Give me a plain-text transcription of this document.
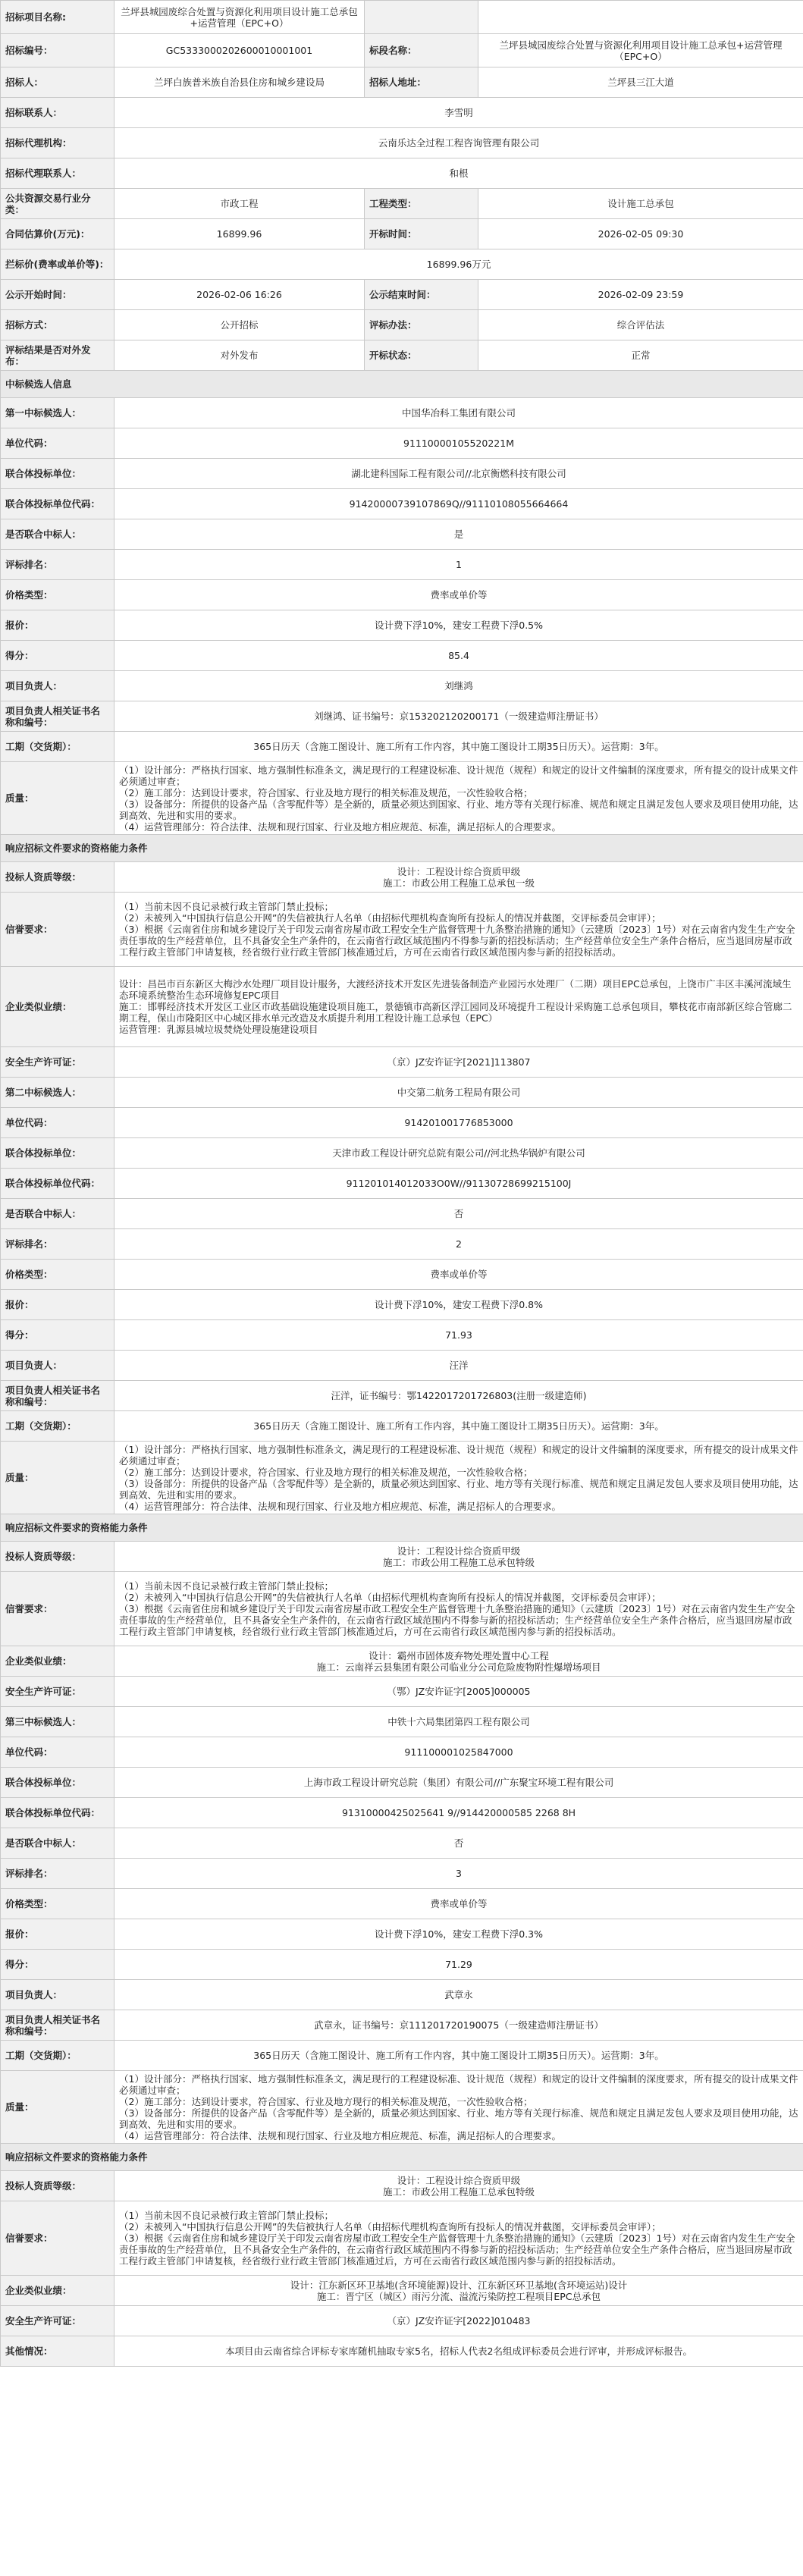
招标项目名称:	兰坪县城园废综合处置与资源化利用项目设计施工总承包+运营管理（EPC+O）		
招标编号：	GC5333000202600010001001	标段名称：	兰坪县城园废综合处置与资源化利用项目设计施工总承包+运营管理（EPC+O）
招标人：	兰坪白族普米族自治县住房和城乡建设局	招标人地址：	兰坪县三江大道
招标联系人：	李雪明		
招标代理机构：	云南乐达全过程工程咨询管理有限公司		
招标代理联系人：	和根		
公共资源交易行业分类：	市政工程	工程类型：	设计施工总承包
合同估算价(万元)：	16899.96	开标时间：	2026-02-05 09:30
拦标价(费率或单价等)：	16899.96万元		
公示开始时间：	2026-02-06 16:26	公示结束时间：	2026-02-09 23:59
招标方式：	公开招标	评标办法：	综合评估法
评标结果是否对外发布：	对外发布	开标状态：	正常
中标候选人信息			
第一中标候选人：	中国华冶科工集团有限公司		
单位代码：	91110000105520221M		
联合体投标单位：	湖北建科国际工程有限公司//北京衡燃科技有限公司		
联合体投标单位代码：	91420000739107869Q//91110108055664664		
是否联合中标人：	是		
评标排名：	1		
价格类型：	费率或单价等		
报价：	设计费下浮10%，建安工程费下浮0.5%		
得分：	85.4		
项目负责人：	刘继鸿		
项目负责人相关证书名称和编号：	刘继鸿、证书编号：京153202120200171（一级建造师注册证书）		
工期（交货期）：	365日历天（含施工图设计、施工所有工作内容，其中施工图设计工期35日历天）。运营期：3年。		
质量：	（1）设计部分：严格执行国家、地方强制性标准条文，满足现行的工程建设标准、设计规范（规程）和规定的设计文件编制的深度要求，所有提交的设计成果文件必须通过审查；
（2）施工部分：达到设计要求，符合国家、行业及地方现行的相关标准及规范，一次性验收合格；
（3）设备部分：所提供的设备产品（含零配件等）是全新的，质量必须达到国家、行业、地方等有关现行标准、规范和规定且满足发包人要求及项目使用功能，达到高效、先进和实用的要求。
（4）运营管理部分：符合法律、法规和现行国家、行业及地方相应规范、标准，满足招标人的合理要求。		
响应招标文件要求的资格能力条件			
投标人资质等级：	设计：工程设计综合资质甲级
施工：市政公用工程施工总承包一级		
信誉要求：	（1）当前未因不良记录被行政主管部门禁止投标；
（2）未被列入“中国执行信息公开网”的失信被执行人名单（由招标代理机构查询所有投标人的情况并截图，交评标委员会审评）；
（3）根据《云南省住房和城乡建设厅关于印发云南省房屋市政工程安全生产监督管理十九条整治措施的通知》（云建质〔2023〕1号）对在云南省内发生生产安全责任事故的生产经营单位，且不具备安全生产条件的，在云南省行政区域范围内不得参与新的招投标活动；生产经营单位安全生产条件合格后，应当退回房屋市政工程行政主管部门申请复核，经省级行业行政主管部门核准通过后，方可在云南省行政区域范围内参与新的招投标活动。		
企业类似业绩：	设计：昌邑市百东新区大梅沙水处理厂项目设计服务，大渡经济技术开发区先进装备制造产业园污水处理厂（二期）项目EPC总承包，上饶市广丰区丰溪河流域生态环境系统整治生态环境修复EPC项目
施工：邯郸经济技术开发区工业区市政基础设施建设项目施工，景德镇市高新区浮江园同及环境提升工程设计采购施工总承包项目，攀枝花市南部新区综合管廊二期工程，保山市隆阳区中心城区排水单元改造及水质提升利用工程设计施工总承包（EPC）
运营管理：乳源县城垃圾焚烧处理设施建设项目		
安全生产许可证：	（京）JZ安许证字[2021]113807		
第二中标候选人：	中交第二航务工程局有限公司		
单位代码：	914201001776853000		
联合体投标单位：	天津市政工程设计研究总院有限公司//河北热华锅炉有限公司		
联合体投标单位代码：	911201014012033O0W//91130728699215100J		
是否联合中标人：	否		
评标排名：	2		
价格类型：	费率或单价等		
报价：	设计费下浮10%，建安工程费下浮0.8%		
得分：	71.93		
项目负责人：	汪洋		
项目负责人相关证书名称和编号：	汪洋，证书编号：鄂1422017201726803(注册一级建造师)		
工期（交货期）：	365日历天（含施工图设计、施工所有工作内容，其中施工图设计工期35日历天）。运营期：3年。		
质量：	（1）设计部分：严格执行国家、地方强制性标准条文，满足现行的工程建设标准、设计规范（规程）和规定的设计文件编制的深度要求，所有提交的设计成果文件必须通过审查；
（2）施工部分：达到设计要求，符合国家、行业及地方现行的相关标准及规范，一次性验收合格；
（3）设备部分：所提供的设备产品（含零配件等）是全新的，质量必须达到国家、行业、地方等有关现行标准、规范和规定且满足发包人要求及项目使用功能，达到高效、先进和实用的要求。
（4）运营管理部分：符合法律、法规和现行国家、行业及地方相应规范、标准，满足招标人的合理要求。		
响应招标文件要求的资格能力条件			
投标人资质等级：	设计：工程设计综合资质甲级
施工：市政公用工程施工总承包特级		
信誉要求：	（1）当前未因不良记录被行政主管部门禁止投标；
（2）未被列入“中国执行信息公开网”的失信被执行人名单（由招标代理机构查询所有投标人的情况并截图，交评标委员会审评）；
（3）根据《云南省住房和城乡建设厅关于印发云南省房屋市政工程安全生产监督管理十九条整治措施的通知》（云建质〔2023〕1号）对在云南省内发生生产安全责任事故的生产经营单位，且不具备安全生产条件的，在云南省行政区域范围内不得参与新的招投标活动；生产经营单位安全生产条件合格后，应当退回房屋市政工程行政主管部门申请复核，经省级行业行政主管部门核准通过后，方可在云南省行政区域范围内参与新的招投标活动。		
企业类似业绩：	设计：霸州市固体废弃物处理处置中心工程
施工：云南祥云县集团有限公司临业分公司危险废物附性爆增场项目		
安全生产许可证：	（鄂）JZ安许证字[2005]000005		
第三中标候选人：	中铁十六局集团第四工程有限公司		
单位代码：	911100001025847000		
联合体投标单位：	上海市政工程设计研究总院（集团）有限公司//广东聚宝环境工程有限公司		
联合体投标单位代码：	91310000425025641 9//914420000585 2268 8H		
是否联合中标人：	否		
评标排名：	3		
价格类型：	费率或单价等		
报价：	设计费下浮10%，建安工程费下浮0.3%		
得分：	71.29		
项目负责人：	武章永		
项目负责人相关证书名称和编号：	武章永，证书编号：京111201720190075（一级建造师注册证书）		
工期（交货期）：	365日历天（含施工图设计、施工所有工作内容，其中施工图设计工期35日历天）。运营期：3年。		
质量：	（1）设计部分：严格执行国家、地方强制性标准条文，满足现行的工程建设标准、设计规范（规程）和规定的设计文件编制的深度要求，所有提交的设计成果文件必须通过审查；
（2）施工部分：达到设计要求，符合国家、行业及地方现行的相关标准及规范，一次性验收合格；
（3）设备部分：所提供的设备产品（含零配件等）是全新的，质量必须达到国家、行业、地方等有关现行标准、规范和规定且满足发包人要求及项目使用功能，达到高效、先进和实用的要求。
（4）运营管理部分：符合法律、法规和现行国家、行业及地方相应规范、标准，满足招标人的合理要求。		
响应招标文件要求的资格能力条件			
投标人资质等级：	设计：工程设计综合资质甲级
施工：市政公用工程施工总承包特级		
信誉要求：	（1）当前未因不良记录被行政主管部门禁止投标；
（2）未被列入“中国执行信息公开网”的失信被执行人名单（由招标代理机构查询所有投标人的情况并截图，交评标委员会审评）；
（3）根据《云南省住房和城乡建设厅关于印发云南省房屋市政工程安全生产监督管理十九条整治措施的通知》（云建质〔2023〕1号）对在云南省内发生生产安全责任事故的生产经营单位，且不具备安全生产条件的，在云南省行政区域范围内不得参与新的招投标活动；生产经营单位安全生产条件合格后，应当退回房屋市政工程行政主管部门申请复核，经省级行业行政主管部门核准通过后，方可在云南省行政区域范围内参与新的招投标活动。		
企业类似业绩：	设计：江东新区环卫基地(含环境能源)设计、江东新区环卫基地(含环境运站)设计
施工：晋宁区（城区）雨污分流、溢流污染防控工程项目EPC总承包		
安全生产许可证：	（京）JZ安许证字[2022]010483		
其他情况：	本项目由云南省综合评标专家库随机抽取专家5名，招标人代表2名组成评标委员会进行评审，并形成评标报告。		
